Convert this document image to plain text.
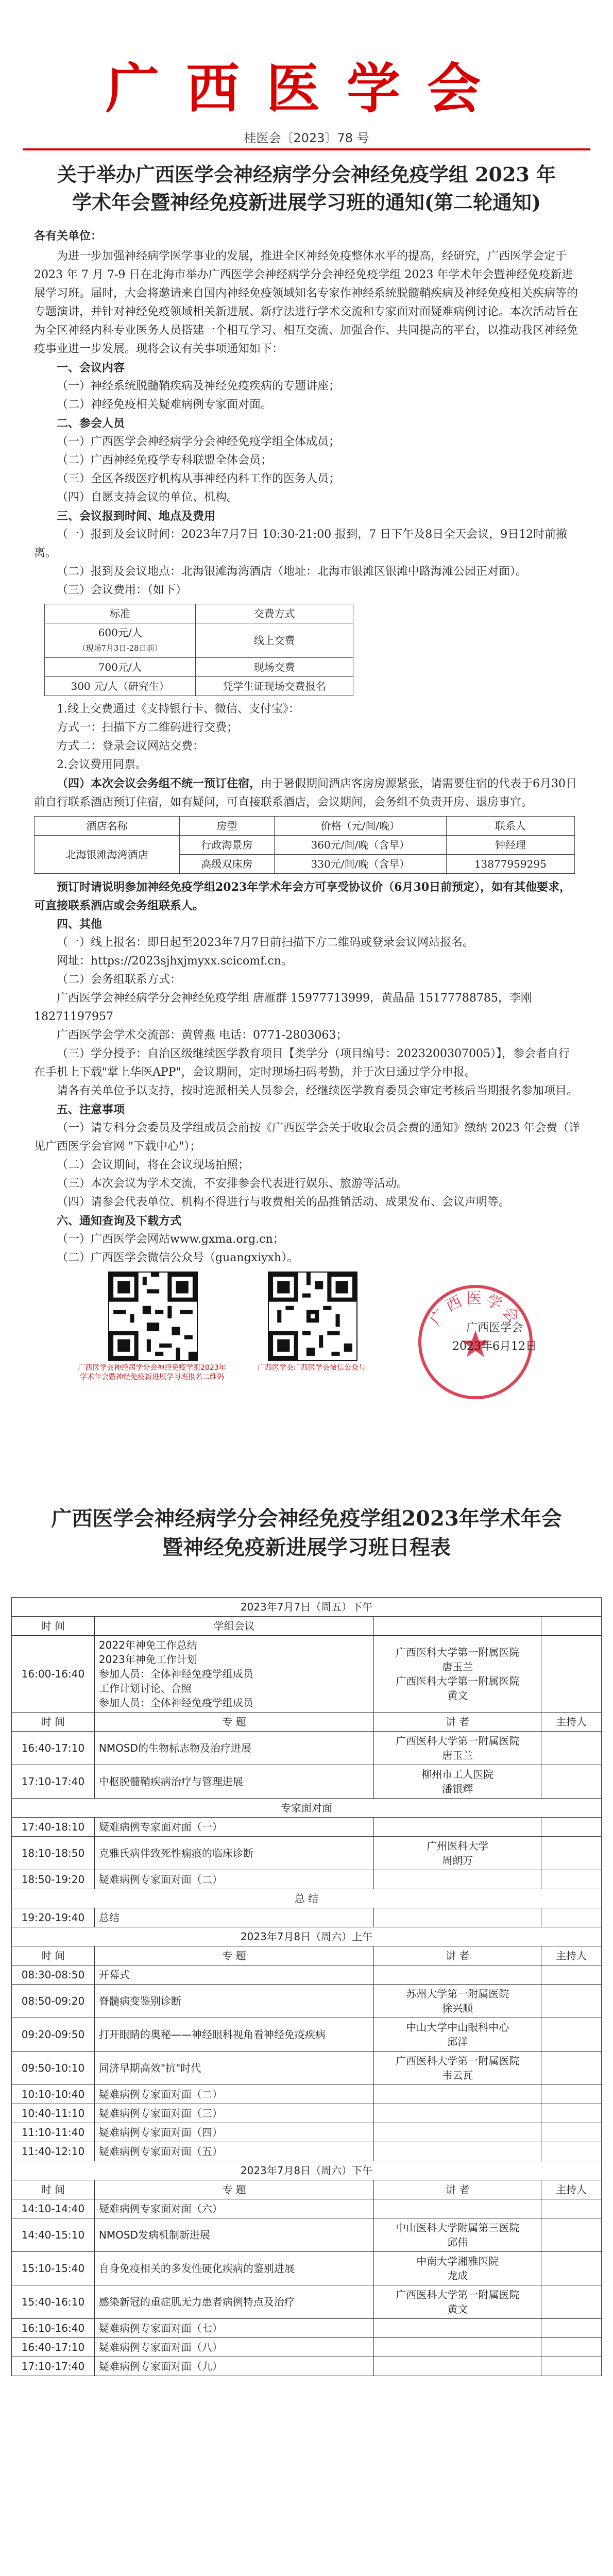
广西医学会
桂医会〔2023〕78 号
关于举办广西医学会神经病学分会神经免疫学组 2023 年
学术年会暨神经免疫新进展学习班的通知(第二轮通知)

各有关单位：

为进一步加强神经病学医学事业的发展，推进全区神经免疫整体水平的提高，经研究，广西医学会定于 2023 年 7 月 7-9 日在北海市举办广西医学会神经病学分会神经免疫学组 2023 年学术年会暨神经免疫新进展学习班。届时，大会将邀请来自国内神经免疫领域知名专家作神经系统脱髓鞘疾病及神经免疫相关疾病等的专题演讲，并针对神经免疫领域相关新进展、新疗法进行学术交流和专家面对面疑难病例讨论。本次活动旨在为全区神经内科专业医务人员搭建一个相互学习、相互交流、加强合作、共同提高的平台，以推动我区神经免疫事业进一步发展。现将会议有关事项通知如下：

一、会议内容

（一）神经系统脱髓鞘疾病及神经免疫疾病的专题讲座；

（二）神经免疫相关疑难病例专家面对面。

二、参会人员

（一）广西医学会神经病学分会神经免疫学组全体成员；

（二）广西神经免疫学专科联盟全体会员；

（三）全区各级医疗机构从事神经内科工作的医务人员；

（四）自愿支持会议的单位、机构。

三、会议报到时间、地点及费用

（一）报到及会议时间：2023年7月7日 10:30-21:00 报到，7 日下午及8日全天会议，9日12时前撤离。

（二）报到及会议地点：北海银滩海湾酒店（地址：北海市银滩区银滩中路海滩公园正对面）。

（三）会议费用：（如下）

标准	交费方式

600元/人
（现场7月3日-28日前）	线上交费

700元/人	现场交费

300 元/人（研究生）	凭学生证现场交费报名

1.线上交费通过《支持银行卡、微信、支付宝》：

方式一：扫描下方二维码进行交费；

方式二：登录会议网站交费：

2.会议费用同票。

（四）本次会议会务组不统一预订住宿，由于暑假期间酒店客房房源紧张，请需要住宿的代表于6月30日前自行联系酒店预订住宿，如有疑问，可直接联系酒店，会议期间，会务组不负责开房、退房事宜。

酒店名称	房型	价格（元/间/晚）	联系人
北海银滩海湾酒店	行政海景房	360元/间/晚（含早）	钟经理
	高级双床房	330元/间/晚（含早）	13877959295

预订时请说明参加神经免疫学组2023年学术年会方可享受协议价（6月30日前预定），如有其他要求，可直接联系酒店或会务组联系人。

四、其他

（一）线上报名：即日起至2023年7月7日前扫描下方二维码或登录会议网站报名。

网址：https://2023sjhxjmyxx.scicomf.cn。

（二）会务组联系方式：

广西医学会神经病学分会神经免疫学组 唐雁群 15977713999，黄晶晶 15177788785，李刚 18271197957

广西医学会学术交流部：黄曾燕 电话：0771-2803063；

（三）学分授予：自治区级继续医学教育项目【类学分（项目编号：2023200307005）】，参会者自行在手机上下载"掌上华医APP"，会议期间，定时现场扫码考勤，并于次日通过学分申报。

请各有关单位予以支持，按时选派相关人员参会，经继续医学教育委员会审定考核后当期报名参加项目。

五、注意事项

（一）请专科分会委员及学组成员会前按《广西医学会关于收取会员会费的通知》缴纳 2023 年会费（详见广西医学会官网 "下载中心"）；

（二）会议期间，将在会议现场拍照；

（三）本次会议为学术交流，不安排参会代表进行娱乐、旅游等活动。

（四）请参会代表单位、机构不得进行与收费相关的品推销活动、成果发布、会议声明等。

六、通知查询及下载方式

（一）广西医学会网站www.gxma.org.cn；

（二）广西医学会微信公众号（guangxiyxh）。

广西医学会神经病学分会神经免疫学组2023年学术年会暨神经免疫新进展学习班报名二维码
广西医学会广西医学会微信公众号
广西医学会
广西医学会
2023年6月12日
广西医学会神经病学分会神经免疫学组2023年学术年会
暨神经免疫新进展学习班日程表
2023年7月7日（周五）下午			
时 间	学组会议		
16:00-16:40	2022年神免工作总结
2023年神免工作计划
参加人员：全体神经免疫学组成员
工作计划讨论、合照
参加人员：全体神经免疫学组成员	广西医科大学第一附属医院
唐玉兰
广西医科大学第一附属医院
黄文	
时 间	专 题	讲 者	主持人
16:40-17:10	NMOSD的生物标志物及治疗进展	广西医科大学第一附属医院
唐玉兰	
17:10-17:40	中枢脱髓鞘疾病治疗与管理进展	柳州市工人医院
潘银辉	
专家面对面			
17:40-18:10	疑难病例专家面对面（一）		
18:10-18:50	克雅氏病伴致死性痫痕的临床诊断	广州医科大学
周朗万	
18:50-19:20	疑难病例专家面对面（二）		
总 结			
19:20-19:40	总结		
2023年7月8日（周六）上午			
时 间	专 题	讲 者	主持人
08:30-08:50	开幕式		
08:50-09:20	脊髓病变鉴别诊断	苏州大学第一附属医院
徐兴顺	
09:20-09:50	打开眼睛的奥秘——神经眼科视角看神经免疫疾病	中山大学中山眼科中心
邱洋	
09:50-10:10	同济早期高效"抗"时代	广西医科大学第一附属医院
韦云瓦	
10:10-10:40	疑难病例专家面对面（二）		
10:40-11:10	疑难病例专家面对面（三）		
11:10-11:40	疑难病例专家面对面（四）		
11:40-12:10	疑难病例专家面对面（五）		
2023年7月8日（周六）下午			
时 间	专 题	讲 者	主持人
14:10-14:40	疑难病例专家面对面（六）		
14:40-15:10	NMOSD发病机制新进展	中山医科大学附属第三医院
邱伟	
15:10-15:40	自身免疫相关的多发性硬化疾病的鉴别进展	中南大学湘雅医院
龙成	
15:40-16:10	感染新冠的重症肌无力患者病例特点及治疗	广西医科大学第一附属医院
黄文	
16:10-16:40	疑难病例专家面对面（七）		
16:40-17:10	疑难病例专家面对面（八）		
17:10-17:40	疑难病例专家面对面（九）		
